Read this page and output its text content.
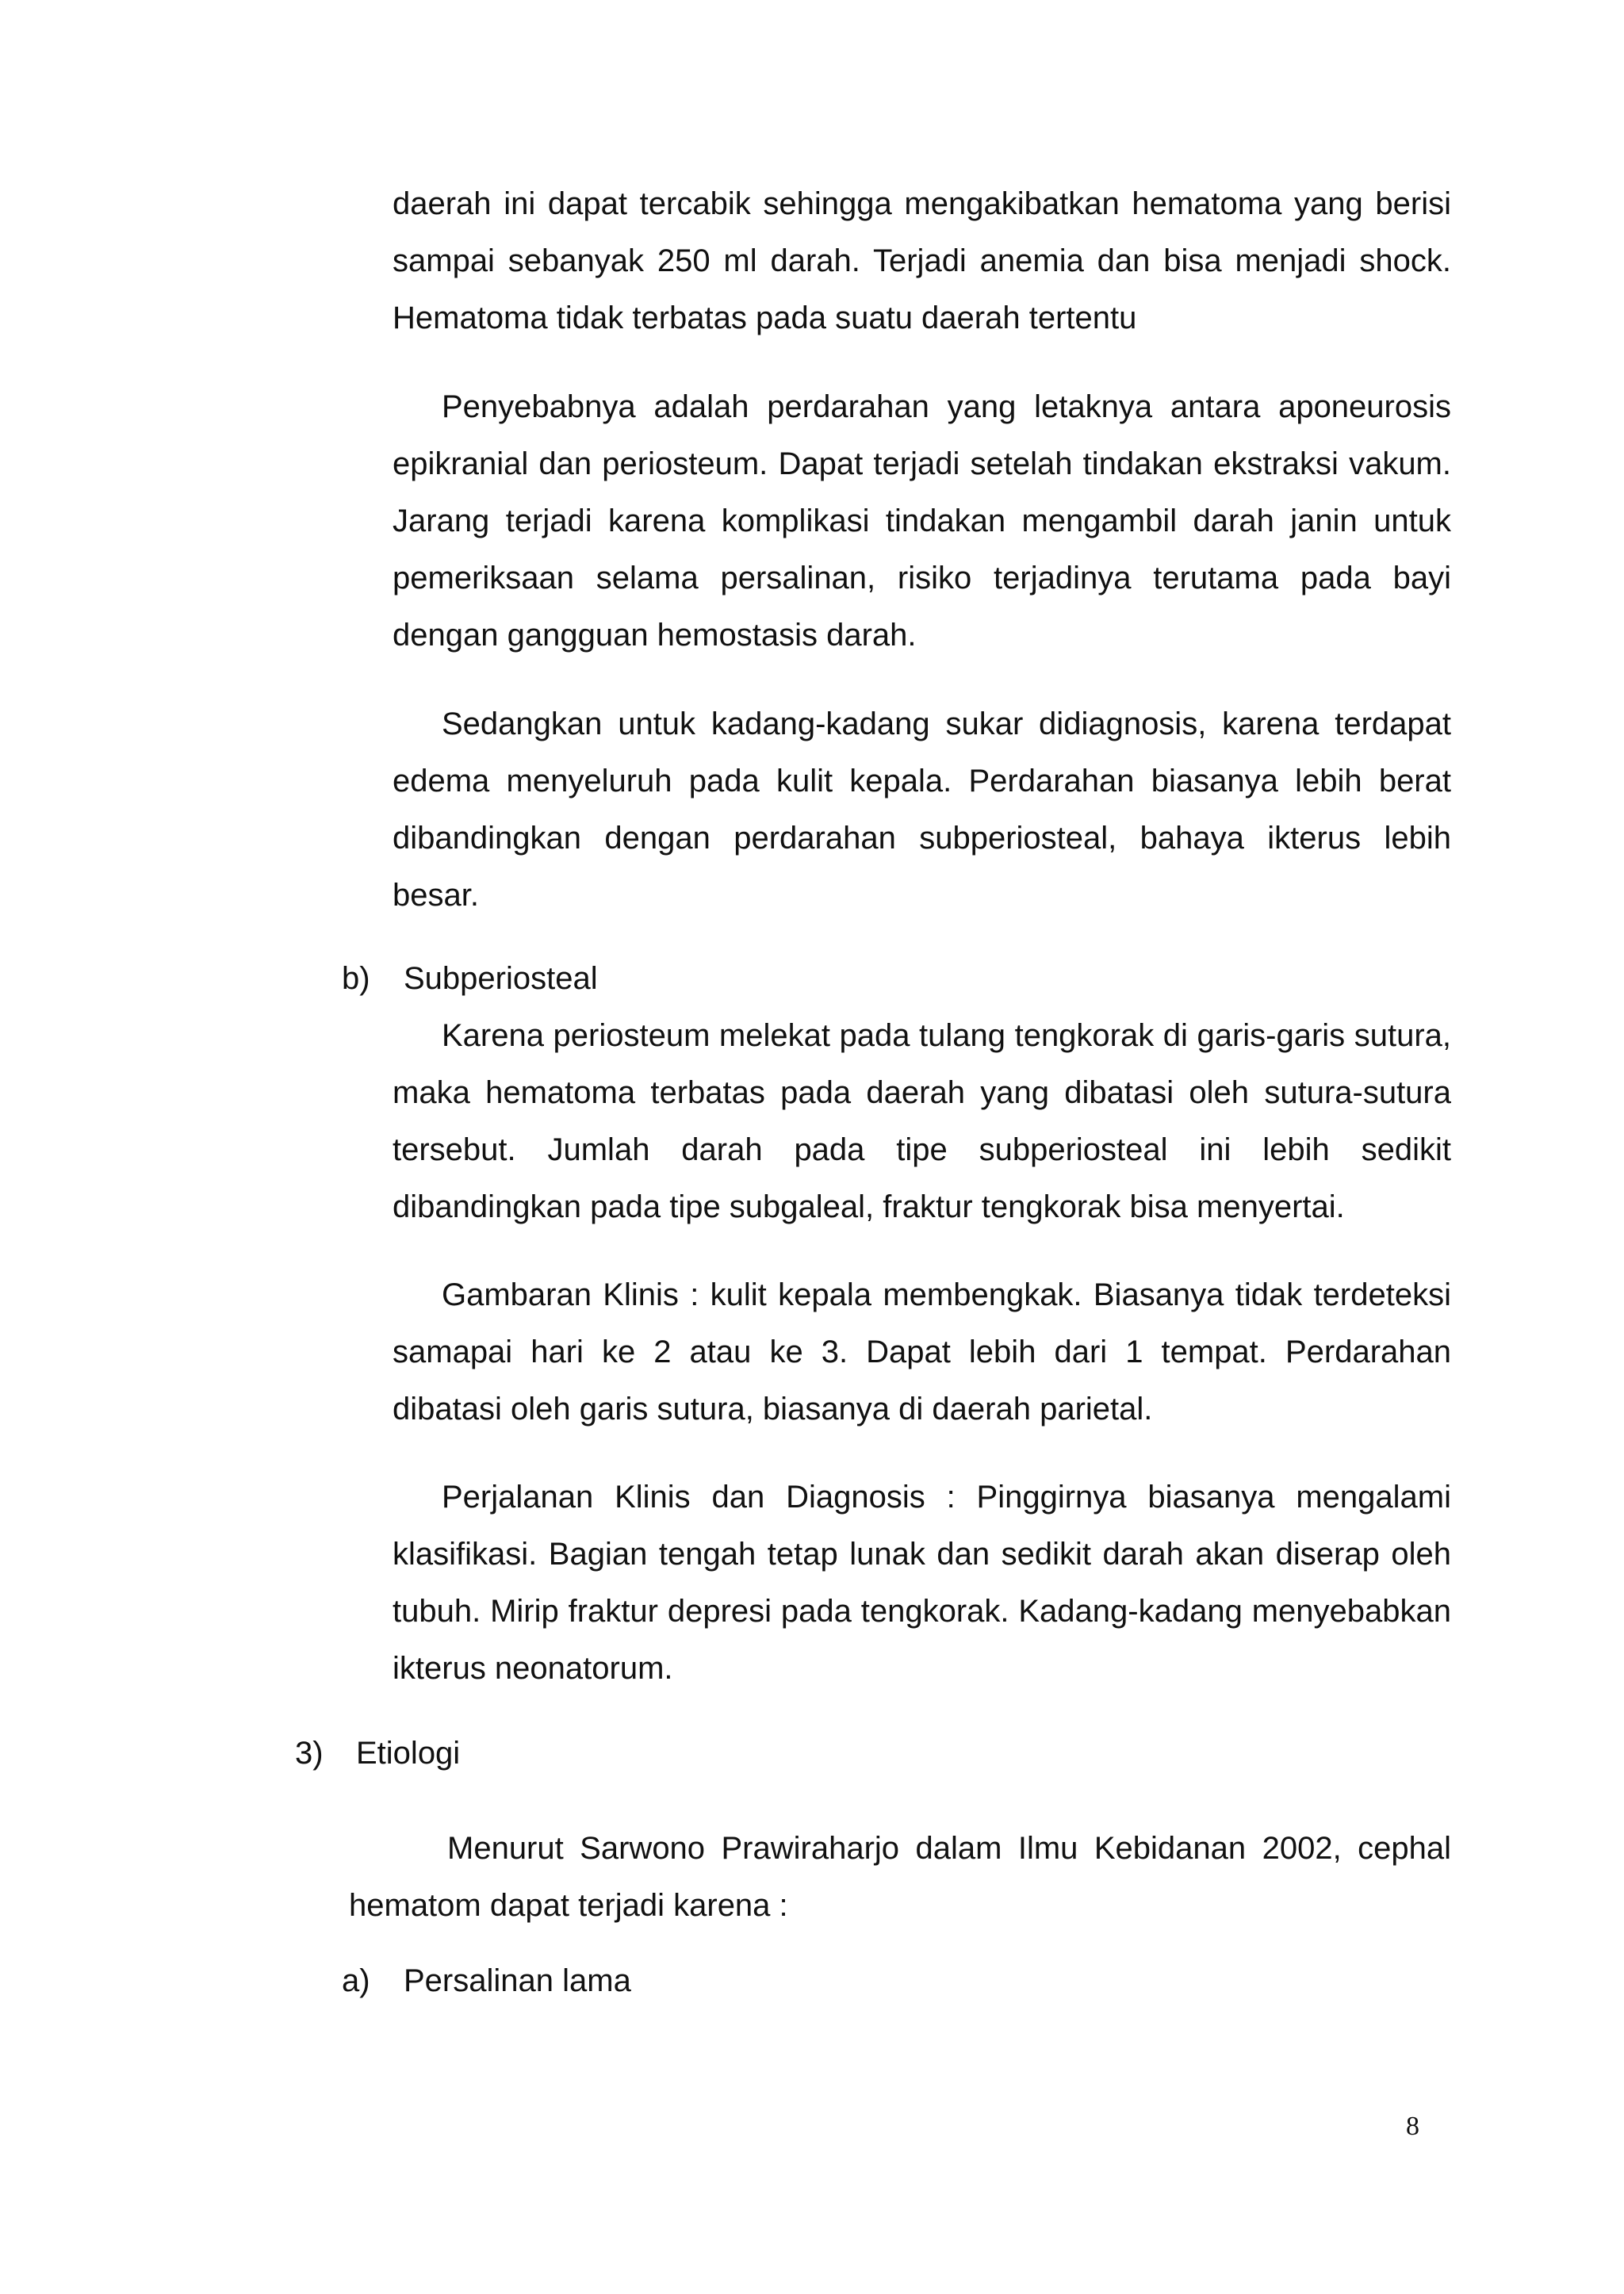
daerah ini dapat tercabik sehingga mengakibatkan hematoma yang berisi sampai sebanyak 250 ml darah. Terjadi anemia dan bisa menjadi shock. Hematoma tidak terbatas pada suatu daerah tertentu

Penyebabnya adalah perdarahan yang letaknya antara aponeurosis epikranial dan periosteum. Dapat terjadi setelah tindakan ekstraksi vakum. Jarang terjadi karena komplikasi tindakan mengambil darah janin untuk pemeriksaan selama persalinan, risiko terjadinya terutama pada bayi dengan gangguan hemostasis darah.

Sedangkan untuk kadang-kadang sukar didiagnosis, karena terdapat edema menyeluruh pada kulit kepala. Perdarahan biasanya lebih berat dibandingkan dengan perdarahan subperiosteal, bahaya ikterus lebih besar.

b) Subperiosteal

Karena periosteum melekat pada tulang tengkorak di garis-garis sutura, maka hematoma terbatas pada daerah yang dibatasi oleh sutura-sutura tersebut. Jumlah darah pada tipe subperiosteal ini lebih sedikit dibandingkan pada tipe subgaleal, fraktur tengkorak bisa menyertai.

Gambaran Klinis : kulit kepala membengkak. Biasanya tidak terdeteksi samapai hari ke 2 atau ke 3. Dapat lebih dari 1 tempat. Perdarahan dibatasi oleh garis sutura, biasanya di daerah parietal.

Perjalanan Klinis dan Diagnosis : Pinggirnya biasanya mengalami klasifikasi. Bagian tengah tetap lunak dan sedikit darah akan diserap oleh tubuh. Mirip fraktur depresi pada tengkorak. Kadang-kadang menyebabkan ikterus neonatorum.

3) Etiologi

Menurut Sarwono Prawiraharjo dalam Ilmu Kebidanan 2002, cephal hematom dapat terjadi karena :

a) Persalinan lama
8
